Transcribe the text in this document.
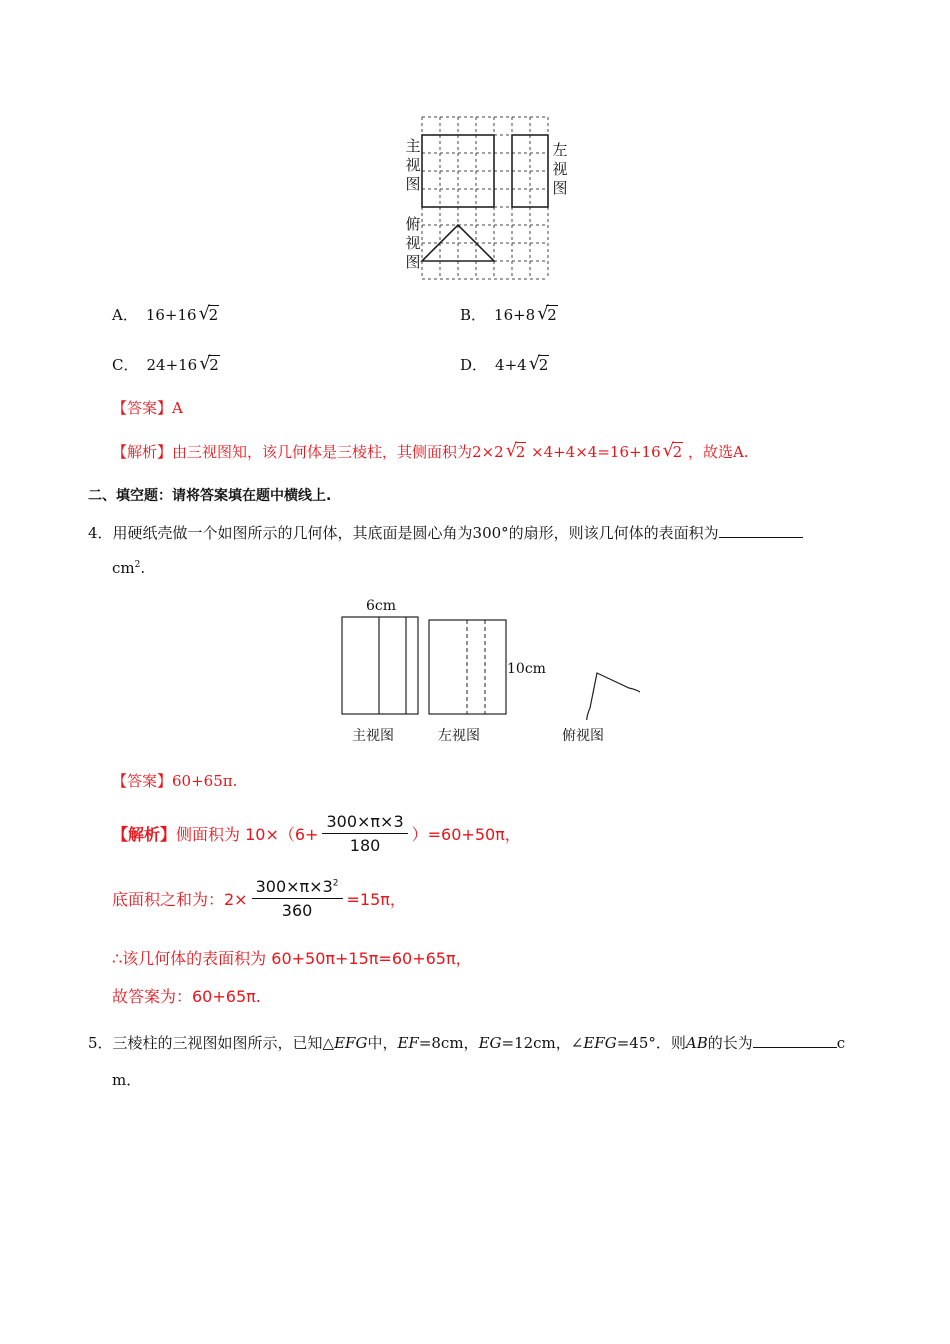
主
视
图
左
视
图
俯
视
图
A． 16+16 √
2	B． 16+8 √
2
C． 24+16 √
2	D． 4+4 √
2
【答案】A
【解析】由三视图知，该几何体是三棱柱，其侧面积为2×2 √
2 ×4+4×4=16+16 √
2 ，故选A.
二、填空题：请将答案填在题中横线上.
4．用硬纸壳做一个如图所示的几何体，其底面是圆心角为300°的扇形，则该几何体的表面积为
$cm^2$.
6cm
10cm
主视图	左视图	俯视图
【答案】60+65π.
【解析】 侧面积为 $10\times(6+ \frac{300\times\pi\times 3}{180} )=60+50\pi$，
底面积之和为：$2\times \frac{300\times\pi\times 3^2}{360} =15\pi$，
∴该几何体的表面积为 60+50π+15π=60+65π，
故答案为：60+65π.
5．三棱柱的三视图如图所示，已知△EFG中，EF=8cm，EG=12cm，∠EFG=45°．则AB的长为	c
m．
